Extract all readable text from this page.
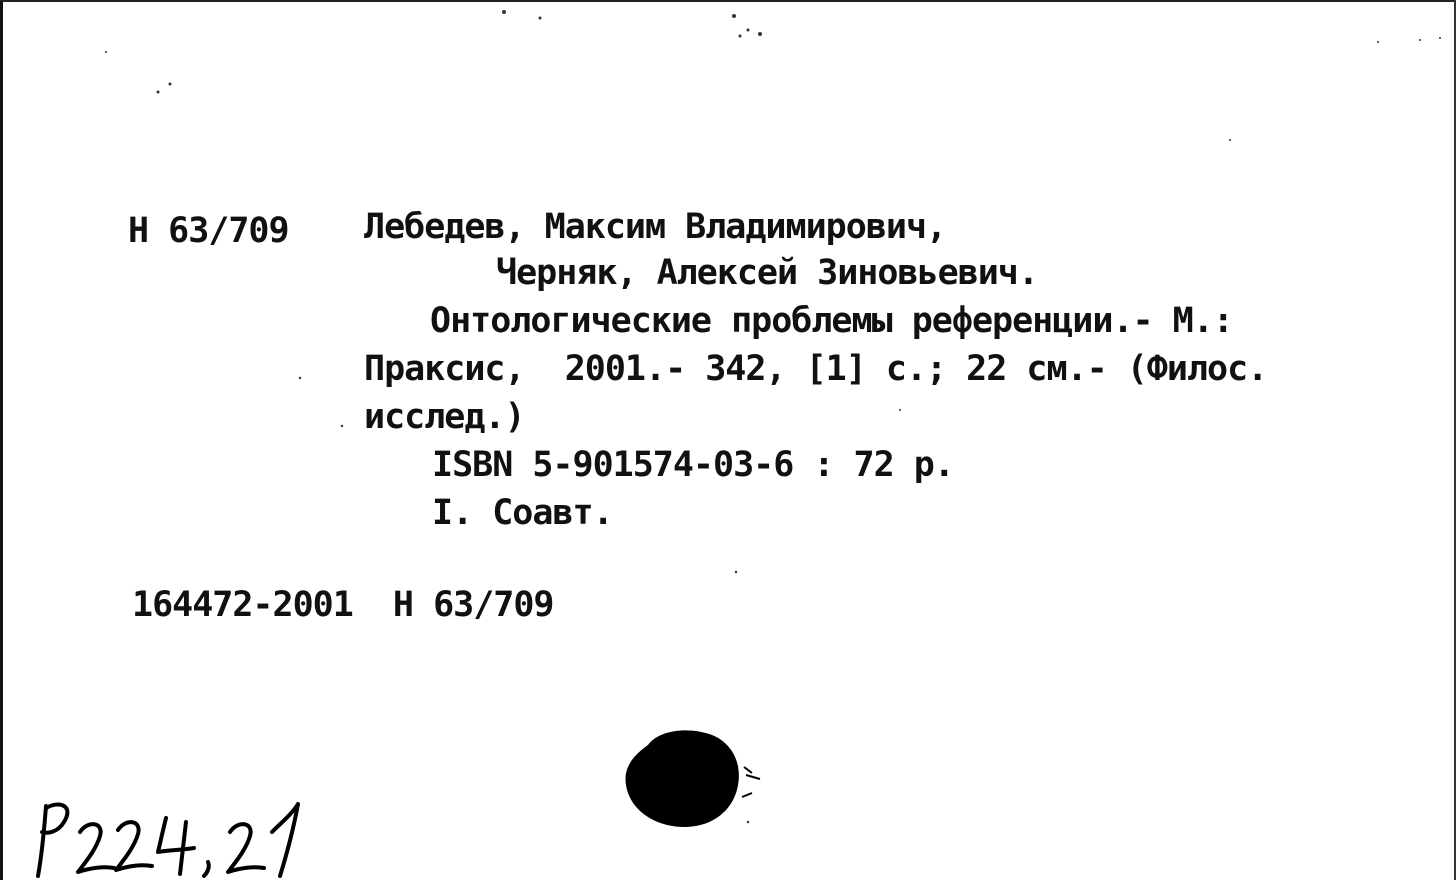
Н 63/709 Лебедев, Максим Владимирович,
Черняк, Алексей Зиновьевич.
Онтологические проблемы референции.- М.:
Праксис,  2001.- 342, [1] с.; 22 см.- (Филос.
исслед.)
ISBN 5-901574-03-6 : 72 р.
I. Соавт.
164472-2001  Н 63/709
